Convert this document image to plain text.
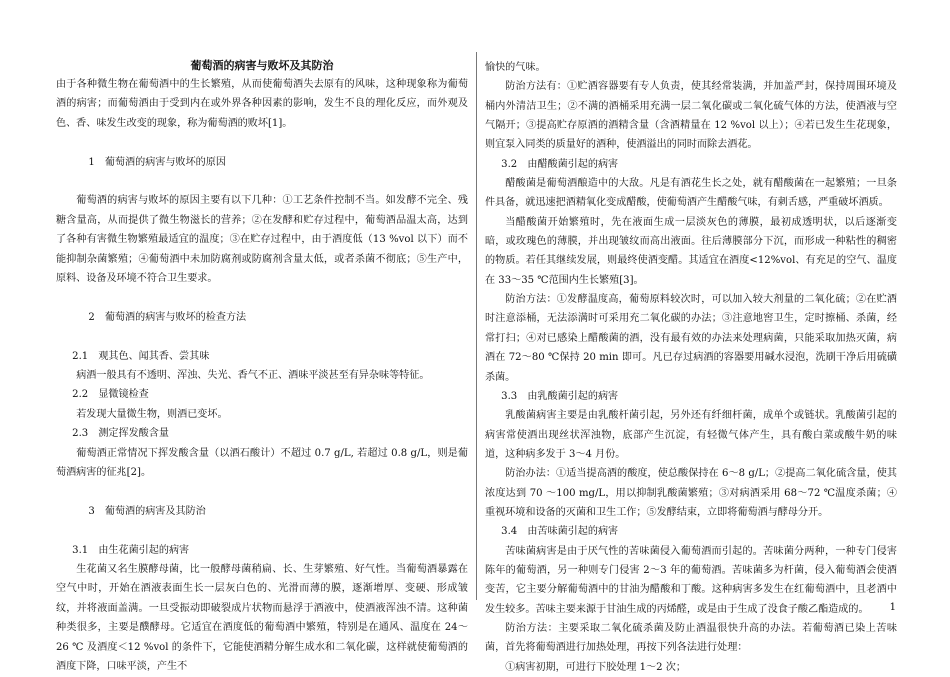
葡萄酒的病害与败坏及其防治

由于各种微生物在葡萄酒中的生长繁殖，从而使葡萄酒失去原有的风味，这种现象称为葡萄酒的病害；而葡萄酒由于受到内在或外界各种因素的影响，发生不良的理化反应，而外观及色、香、味发生改变的现象，称为葡萄酒的败坏[1]。

1 葡萄酒的病害与败坏的原因

葡萄酒的病害与败坏的原因主要有以下几种：①工艺条件控制不当。如发酵不完全、残糖含量高，从而提供了微生物滋长的营养；②在发酵和贮存过程中，葡萄酒品温太高，达到了各种有害微生物繁殖最适宜的温度；③在贮存过程中，由于酒度低（13 %vol 以下）而不能抑制杂菌繁殖；④葡萄酒中未加防腐剂或防腐剂含量太低，或者杀菌不彻底；⑤生产中，原料、设备及环境不符合卫生要求。

2 葡萄酒的病害与败坏的检查方法

2.1 观其色、闻其香、尝其味

病酒一般具有不透明、浑浊、失光、香气不正、酒味平淡甚至有异杂味等特征。

2.2 显微镜检查

若发现大量微生物，则酒已变坏。

2.3 测定挥发酸含量

葡萄酒正常情况下挥发酸含量（以酒石酸计）不超过 0.7 g/L, 若超过 0.8 g/L，则是葡萄酒病害的征兆[2]。

3 葡萄酒的病害及其防治

3.1 由生花菌引起的病害

生花菌又名生膜酵母菌，比一般酵母菌稍扁、长、生芽繁殖、好气性。当葡萄酒暴露在空气中时，开始在酒液表面生长一层灰白色的、光滑而薄的膜，逐渐增厚、变硬、形成皱纹，并将液面盖满。一旦受振动即破裂成片状物而悬浮于酒液中，使酒液浑浊不清。这种菌种类很多，主要是醭酵母。它适宜在酒度低的葡萄酒中繁殖，特别是在通风、温度在 24～26 ℃ 及酒度＜12 %vol 的条件下，它能使酒精分解生成水和二氧化碳，这样就使葡萄酒的酒度下降，口味平淡，产生不

愉快的气味。

防治方法有：①贮酒容器要有专人负责，使其经常装满，并加盖严封，保持周围环境及桶内外清洁卫生；②不满的酒桶采用充满一层二氧化碳或二氧化硫气体的方法，使酒液与空气隔开；③提高贮存原酒的酒精含量（含酒精量在 12 %vol 以上）；④若已发生生花现象，则宜泵入同类的质量好的酒种，使酒溢出的同时而除去酒花。

3.2 由醋酸菌引起的病害

醋酸菌是葡萄酒酿造中的大敌。凡是有酒花生长之处，就有醋酸菌在一起繁殖；一旦条件具备，就迅速把酒精氧化变成醋酸，使葡萄酒产生醋酸气味，有刺舌感，严重破坏酒质。

当醋酸菌开始繁殖时，先在液面生成一层淡灰色的薄膜，最初成透明状，以后逐渐变暗，或玫瑰色的薄膜，并出现皱纹而高出液面。往后薄膜部分下沉，而形成一种粘性的稠密的物质。若任其继续发展，则最终使酒变醋。其适宜在酒度<12%vol、有充足的空气、温度在 33～35 ℃范围内生长繁殖[3]。

防治方法：①发酵温度高，葡萄原料较次时，可以加入较大剂量的二氧化硫；②在贮酒时注意添桶，无法添满时可采用充二氧化碳的办法；③注意地窖卫生，定时擦桶、杀菌，经常打扫；④对已感染上醋酸菌的酒，没有最有效的办法来处理病菌，只能采取加热灭菌，病酒在 72～80 ℃保持 20 min 即可。凡已存过病酒的容器要用碱水浸泡，洗刷干净后用硫磺杀菌。

3.3 由乳酸菌引起的病害

乳酸菌病害主要是由乳酸杆菌引起，另外还有纤细杆菌，成单个或链状。乳酸菌引起的病害常使酒出现丝状浑浊物，底部产生沉淀，有轻微气体产生，具有酸白菜或酸牛奶的味道，这种病多发于 3～4 月份。

防治办法：①适当提高酒的酸度，使总酸保持在 6～8 g/L；②提高二氧化硫含量，使其浓度达到 70 ～100 mg/L，用以抑制乳酸菌繁殖；③对病酒采用 68～72 ℃温度杀菌；④重视环境和设备的灭菌和卫生工作；⑤发酵结束，立即将葡萄酒与酵母分开。

3.4 由苦味菌引起的病害

苦味菌病害是由于厌气性的苦味菌侵入葡萄酒而引起的。苦味菌分两种，一种专门侵害陈年的葡萄酒，另一种则专门侵害 2～3 年的葡萄酒。苦味菌多为杆菌，侵入葡萄酒会使酒变苦，它主要分解葡萄酒中的甘油为醋酸和丁酸。这种病害多发生在红葡萄酒中，且老酒中发生较多。苦味主要来源于甘油生成的丙烯醛，或是由于生成了没食子酸乙酯造成的。

防治方法：主要采取二氧化硫杀菌及防止酒温很快升高的办法。若葡萄酒已染上苦味菌，首先将葡萄酒进行加热处理，再按下列各法进行处理：

①病害初期，可进行下胶处理 1～2 次；

1
